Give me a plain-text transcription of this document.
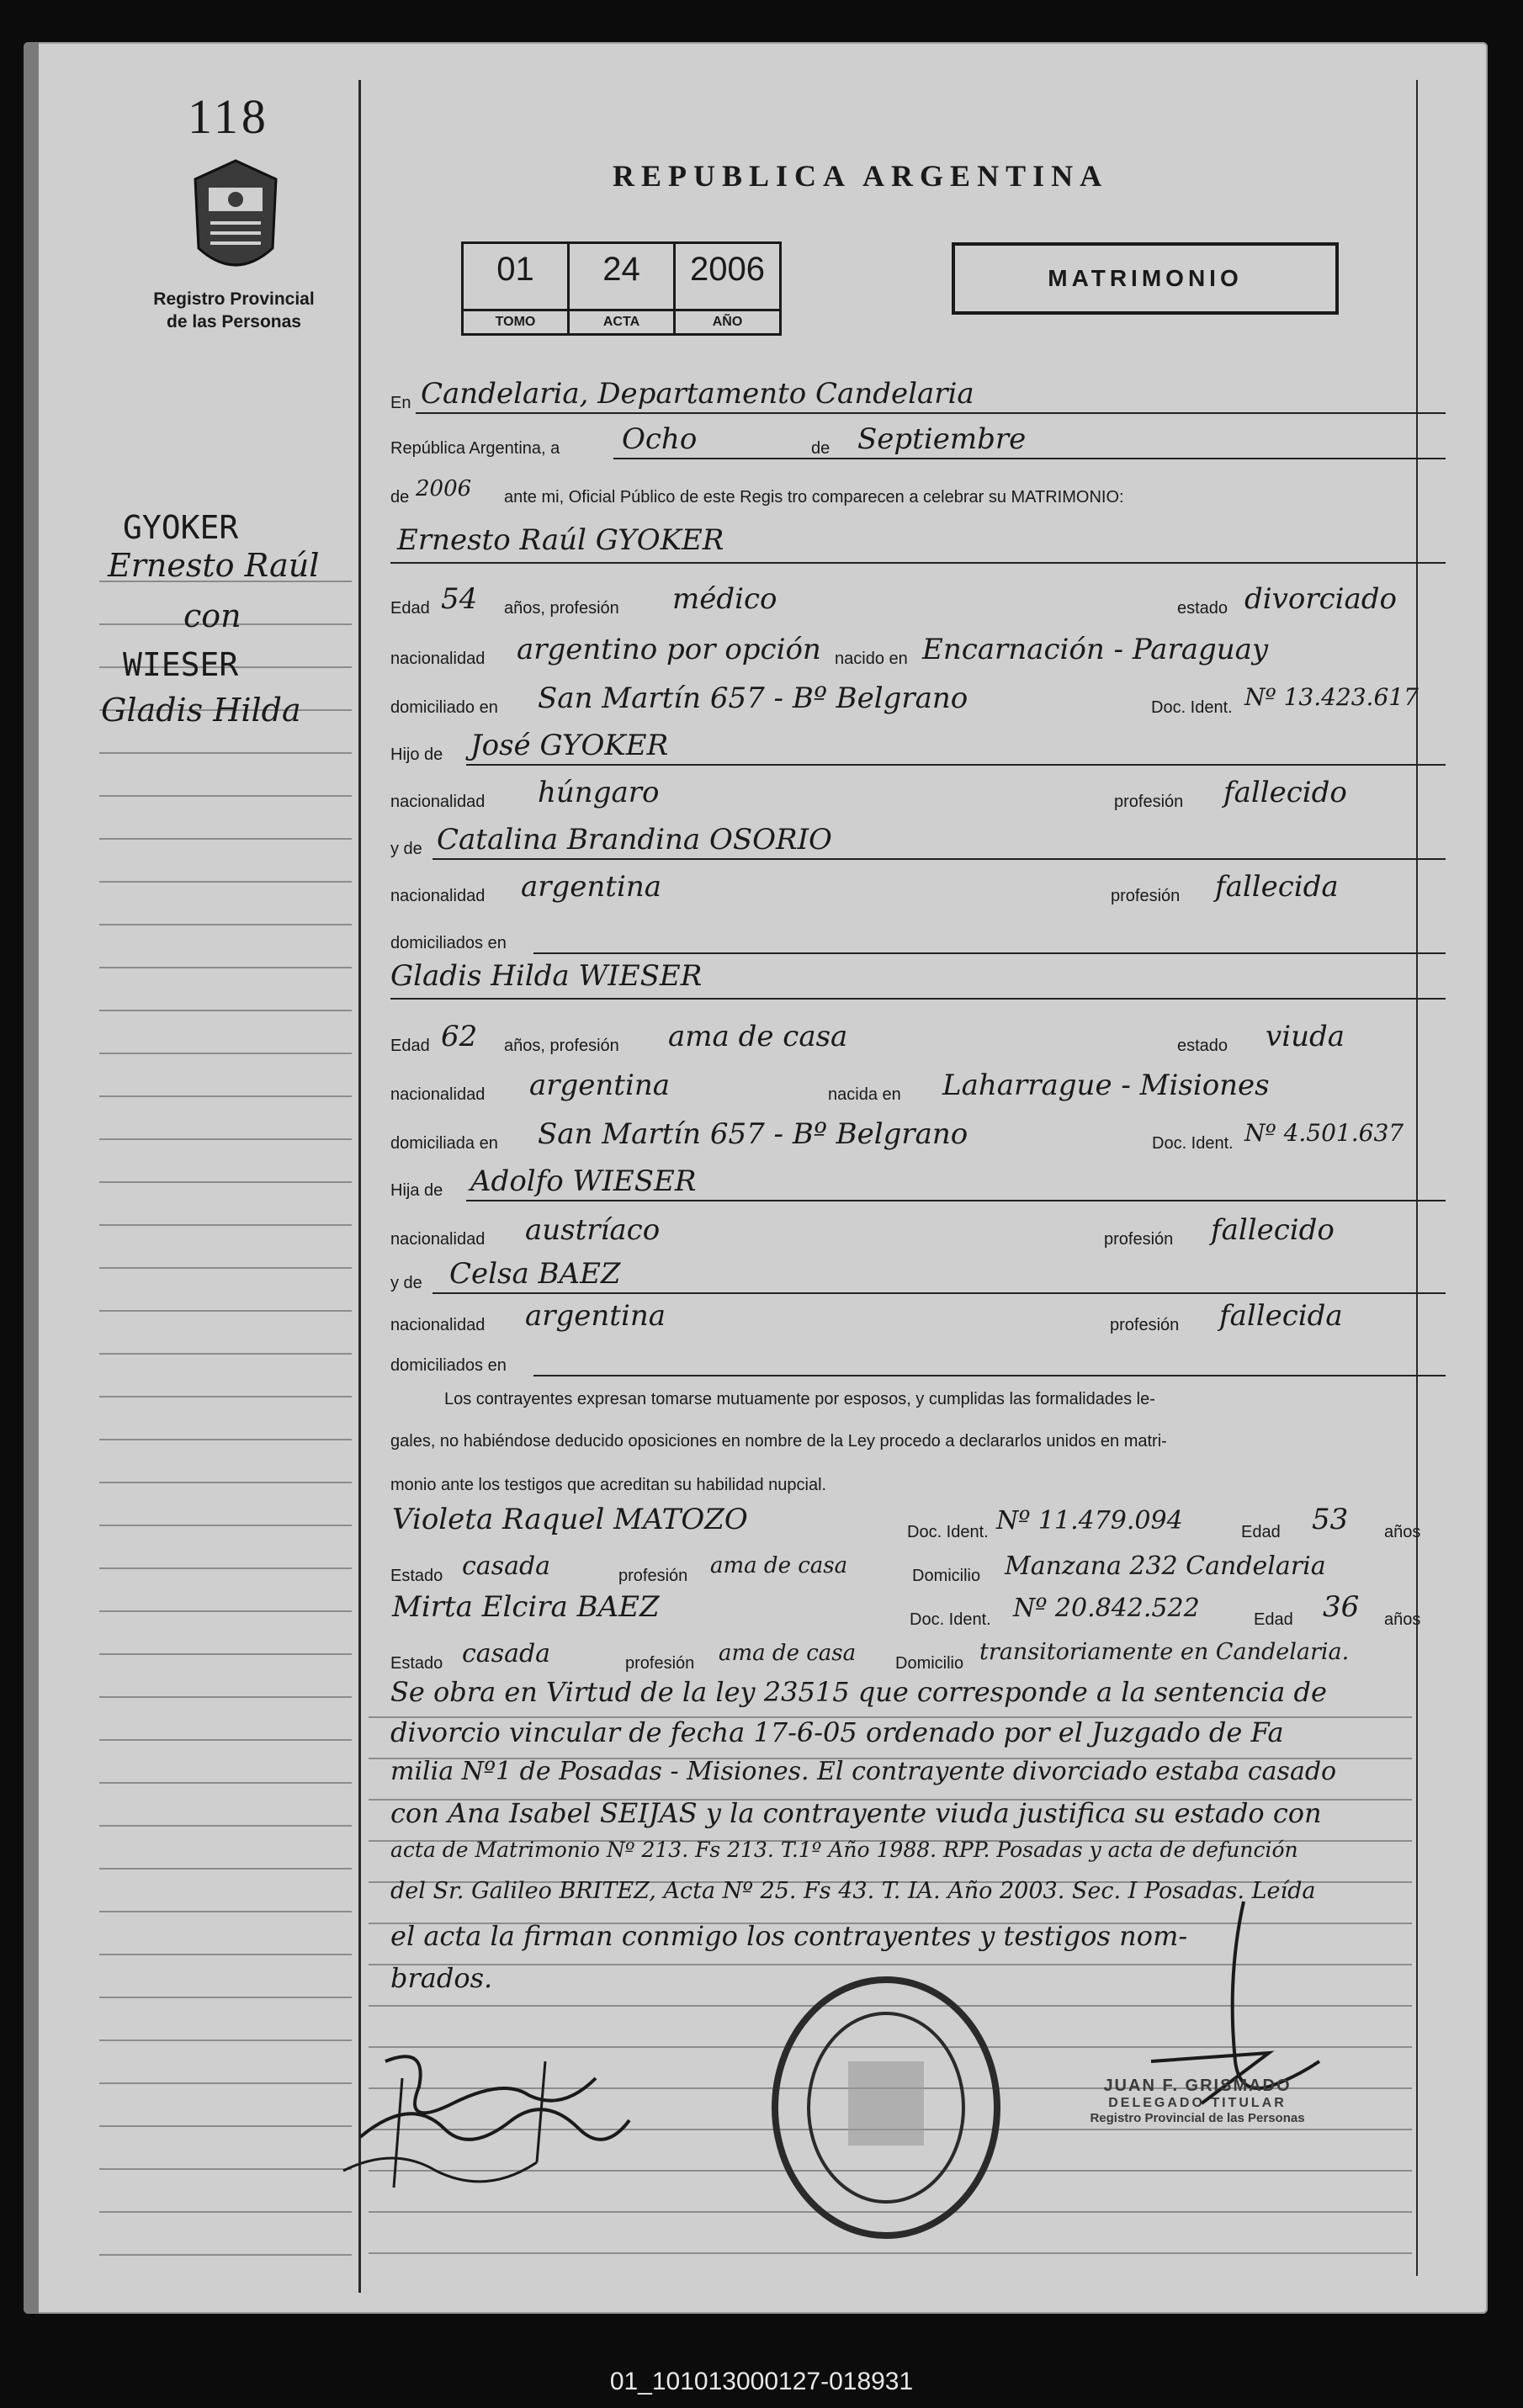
118
Registro Provincial
de las Personas
GYOKER
Ernesto Raúl
con
WIESER
Gladis Hilda
REPUBLICA ARGENTINA
01
TOMO
24
ACTA
2006
AÑO
MATRIMONIO
En Candelaria, Departamento Candelaria
República Argentina, a Ocho	de Septiembre
de 2006 ante mi, Oficial Público de este Regis tro comparecen a celebrar su MATRIMONIO:
Ernesto Raúl GYOKER
Edad 54 años, profesión médico	estado divorciado
nacionalidad argentino por opción nacido en Encarnación - Paraguay
domiciliado en San Martín 657 - Bº Belgrano	Doc. Ident. Nº 13.423.617
Hijo de José GYOKER
nacionalidad húngaro	profesión fallecido
y de Catalina Brandina OSORIO
nacionalidad argentina	profesión fallecida
domiciliados en
Gladis Hilda WIESER
Edad 62 años, profesión ama de casa	estado viuda
nacionalidad argentina	nacida en Laharrague - Misiones
domiciliada en San Martín 657 - Bº Belgrano	Doc. Ident. Nº 4.501.637
Hija de Adolfo WIESER
nacionalidad austríaco	profesión fallecido
y de Celsa BAEZ
nacionalidad argentina	profesión fallecida
domiciliados en
Los contrayentes expresan tomarse mutuamente por esposos, y cumplidas las formalidades le-
gales, no habiéndose deducido oposiciones en nombre de la Ley procedo a declararlos unidos en matri-
monio ante los testigos que acreditan su habilidad nupcial.
Violeta Raquel MATOZO	Doc. Ident. Nº 11.479.094	Edad 53 años
Estado casada	profesión ama de casa	Domicilio Manzana 232 Candelaria
Mirta Elcira BAEZ	Doc. Ident. Nº 20.842.522	Edad 36 años
Estado casada	profesión ama de casa Domicilio transitoriamente en Candelaria.
Se obra en Virtud de la ley 23515 que corresponde a la sentencia de
divorcio vincular de fecha 17-6-05 ordenado por el Juzgado de Fa
milia Nº1 de Posadas - Misiones. El contrayente divorciado estaba casado
con Ana Isabel SEIJAS y la contrayente viuda justifica su estado con
acta de Matrimonio Nº 213. Fs 213. T.1º Año 1988. RPP. Posadas y acta de defunción
del Sr. Galileo BRITEZ, Acta Nº 25. Fs 43. T. IA. Año 2003. Sec. I Posadas. Leída
el acta la firman conmigo los contrayentes y testigos nom-
brados.
JUAN F. GRISMADO
DELEGADO TITULAR
Registro Provincial de las Personas
01_101013000127-018931
